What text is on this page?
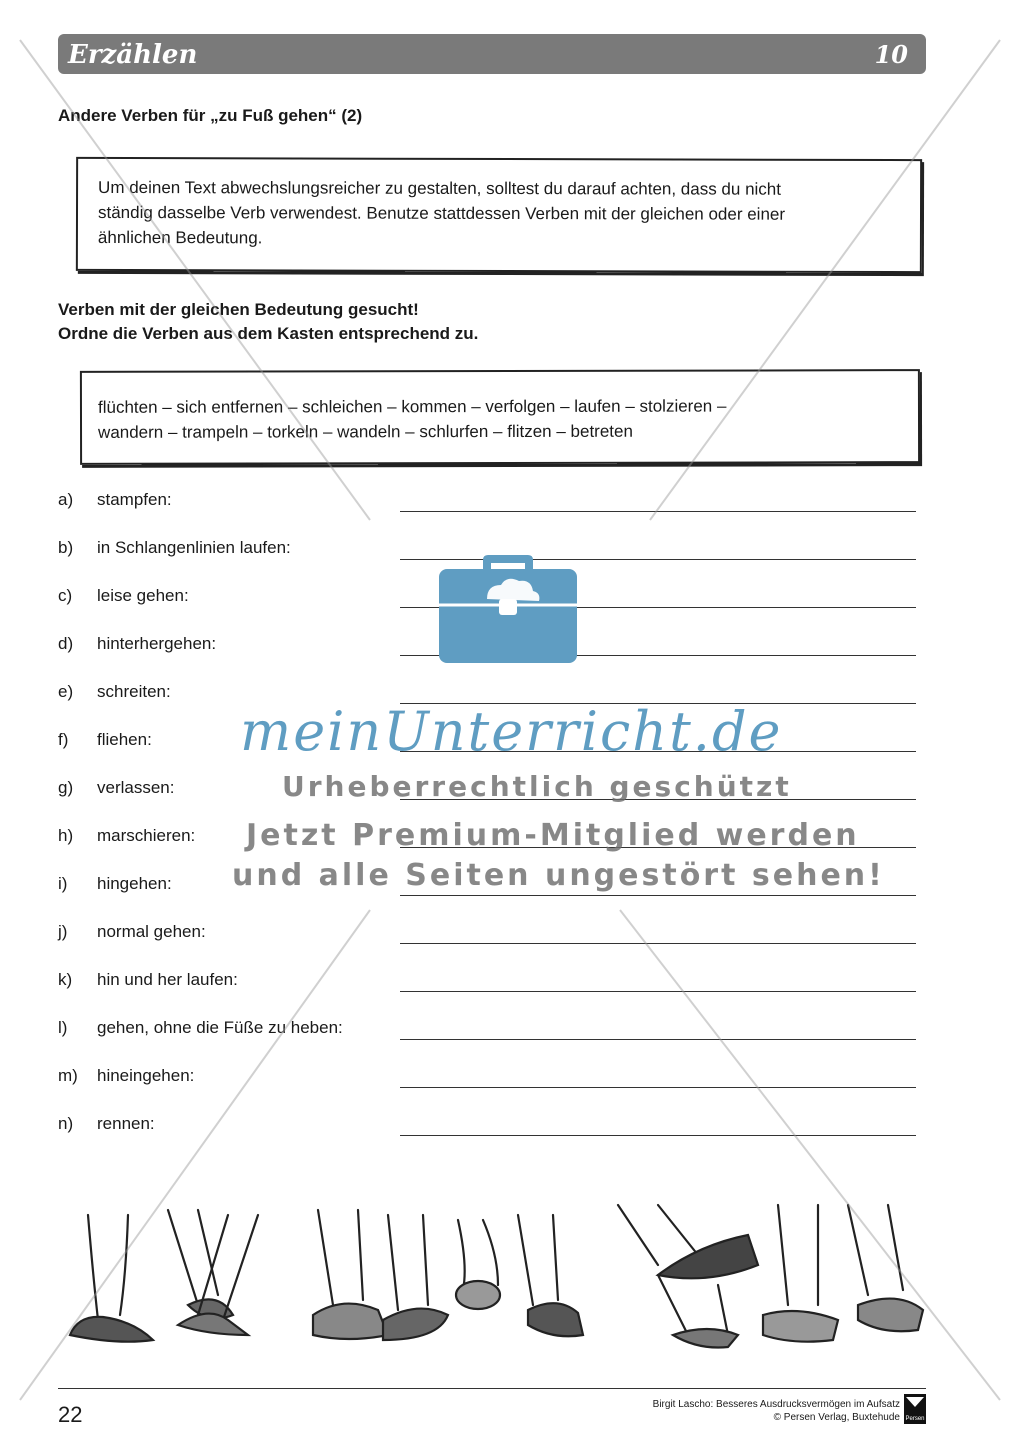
Erzählen	10
Andere Verben für „zu Fuß gehen“ (2)
Um deinen Text abwechslungsreicher zu gestalten, solltest du darauf achten, dass du nicht
ständig dasselbe Verb verwendest. Benutze stattdessen Verben mit der gleichen oder einer
ähnlichen Bedeutung.
Verben mit der gleichen Bedeutung gesucht!
Ordne die Verben aus dem Kasten entsprechend zu.
flüchten – sich entfernen – schleichen – kommen – verfolgen – laufen – stolzieren –
wandern – trampeln – torkeln – wandeln – schlurfen – flitzen – betreten
a) stampfen:
b) in Schlangenlinien laufen:
c) leise gehen:
d) hinterhergehen:
e) schreiten:
f) fliehen:
g) verlassen:
h) marschieren:
i) hingehen:
j) normal gehen:
k) hin und her laufen:
l) gehen, ohne die Füße zu heben:
m) hineingehen:
n) rennen:
meinUnterricht.de
Urheberrechtlich geschützt
Jetzt Premium-Mitglied werden
und alle Seiten ungestört sehen!
22	Birgit Lascho: Besseres Ausdrucksvermögen im Aufsatz
© Persen Verlag, Buxtehude Persen
